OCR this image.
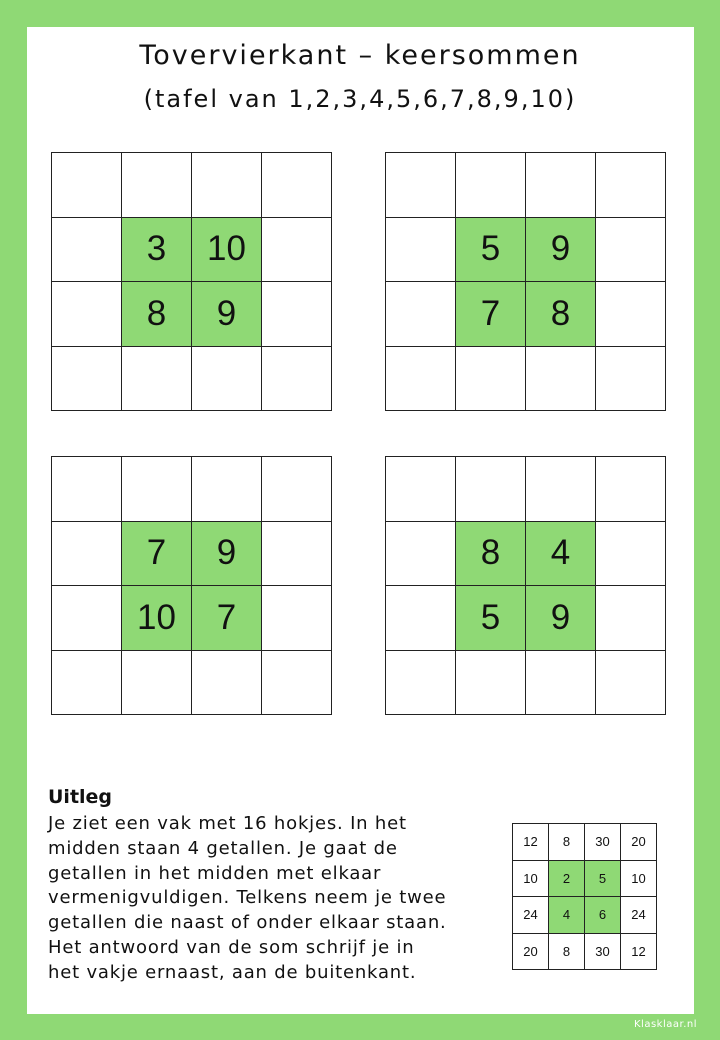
Tovervierkant – keersommen
(tafel van 1,2,3,4,5,6,7,8,9,10)
3	10
8	9
5	9
7	8
7	9
10	7
8	4
5	9
Uitleg
Je ziet een vak met 16 hokjes. In het
midden staan 4 getallen. Je gaat de
getallen in het midden met elkaar
vermenigvuldigen. Telkens neem je twee
getallen die naast of onder elkaar staan.
Het antwoord van de som schrijf je in
het vakje ernaast, aan de buitenkant.
12	8	30	20
10	2	5	10
24	4	6	24
20	8	30	12
Klasklaar.nl
